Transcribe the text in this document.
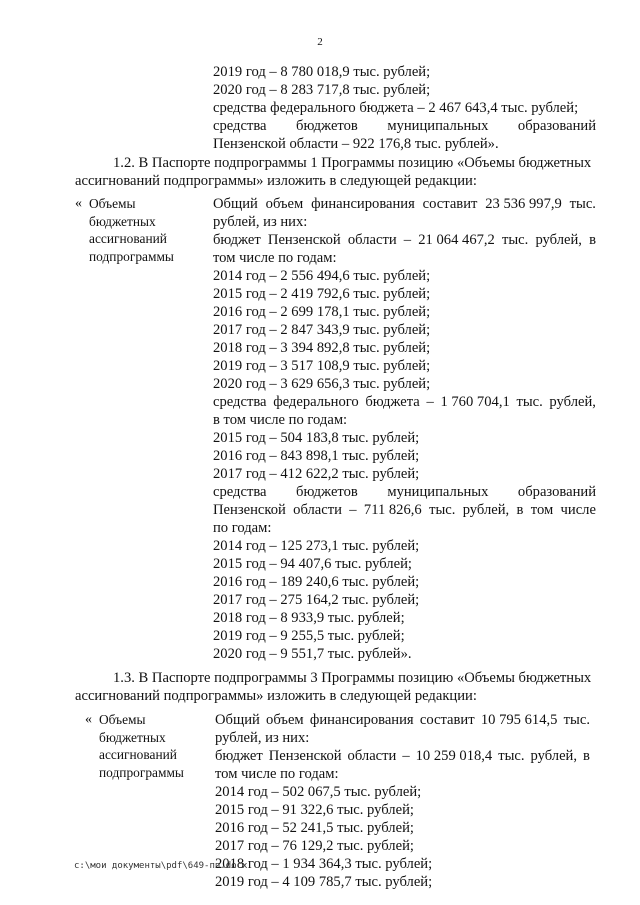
2
2019 год – 8 780 018,9 тыс. рублей;
2020 год – 8 283 717,8 тыс. рублей;
средства федерального бюджета – 2 467 643,4 тыс. рублей;
средства бюджетов муниципальных образований
Пензенской области – 922 176,8 тыс. рублей».
1.2. В Паспорте подпрограммы 1 Программы позицию «Объемы бюджетных
ассигнований подпрограммы» изложить в следующей редакции:
« Объемы
бюджетных
ассигнований
подпрограммы
Общий объем финансирования составит 23 536 997,9 тыс.
рублей, из них:
бюджет Пензенской области – 21 064 467,2 тыс. рублей, в
том числе по годам:
2014 год – 2 556 494,6 тыс. рублей;
2015 год – 2 419 792,6 тыс. рублей;
2016 год – 2 699 178,1 тыс. рублей;
2017 год – 2 847 343,9 тыс. рублей;
2018 год – 3 394 892,8 тыс. рублей;
2019 год – 3 517 108,9 тыс. рублей;
2020 год – 3 629 656,3 тыс. рублей;
средства федерального бюджета – 1 760 704,1 тыс. рублей,
в том числе по годам:
2015 год – 504 183,8 тыс. рублей;
2016 год – 843 898,1 тыс. рублей;
2017 год – 412 622,2 тыс. рублей;
средства бюджетов муниципальных образований
Пензенской области – 711 826,6 тыс. рублей, в том числе
по годам:
2014 год – 125 273,1 тыс. рублей;
2015 год – 94 407,6 тыс. рублей;
2016 год – 189 240,6 тыс. рублей;
2017 год – 275 164,2 тыс. рублей;
2018 год – 8 933,9 тыс. рублей;
2019 год – 9 255,5 тыс. рублей;
2020 год – 9 551,7 тыс. рублей».
1.3. В Паспорте подпрограммы 3 Программы позицию «Объемы бюджетных
ассигнований подпрограммы» изложить в следующей редакции:
« Объемы
бюджетных
ассигнований
подпрограммы
Общий объем финансирования составит 10 795 614,5 тыс.
рублей, из них:
бюджет Пензенской области – 10 259 018,4 тыс. рублей, в
том числе по годам:
2014 год – 502 067,5 тыс. рублей;
2015 год – 91 322,6 тыс. рублей;
2016 год – 52 241,5 тыс. рублей;
2017 год – 76 129,2 тыс. рублей;
2018 год – 1 934 364,3 тыс. рублей;
2019 год – 4 109 785,7 тыс. рублей;
c:\мои документы\pdf\649-пп.docx
